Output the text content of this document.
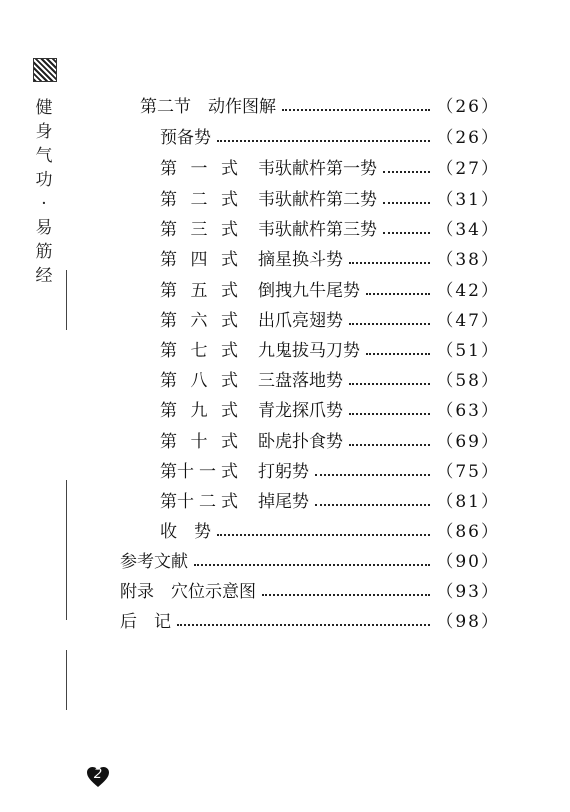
健
身
气
功
·
易
筋
经
第二节　动作图解	（26）
预备势	（26）
第 一 式 韦驮献杵第一势	（27）
第 二 式 韦驮献杵第二势	（31）
第 三 式 韦驮献杵第三势	（34）
第 四 式 摘星换斗势	（38）
第 五 式 倒拽九牛尾势	（42）
第 六 式 出爪亮翅势	（47）
第 七 式 九鬼拔马刀势	（51）
第 八 式 三盘落地势	（58）
第 九 式 青龙探爪势	（63）
第 十 式 卧虎扑食势	（69）
第十 一 式 打躬势	（75）
第十 二 式 掉尾势	（81）
收　势	（86）
参考文献	（90）
附录　穴位示意图	（93）
后　记	（98）
2
